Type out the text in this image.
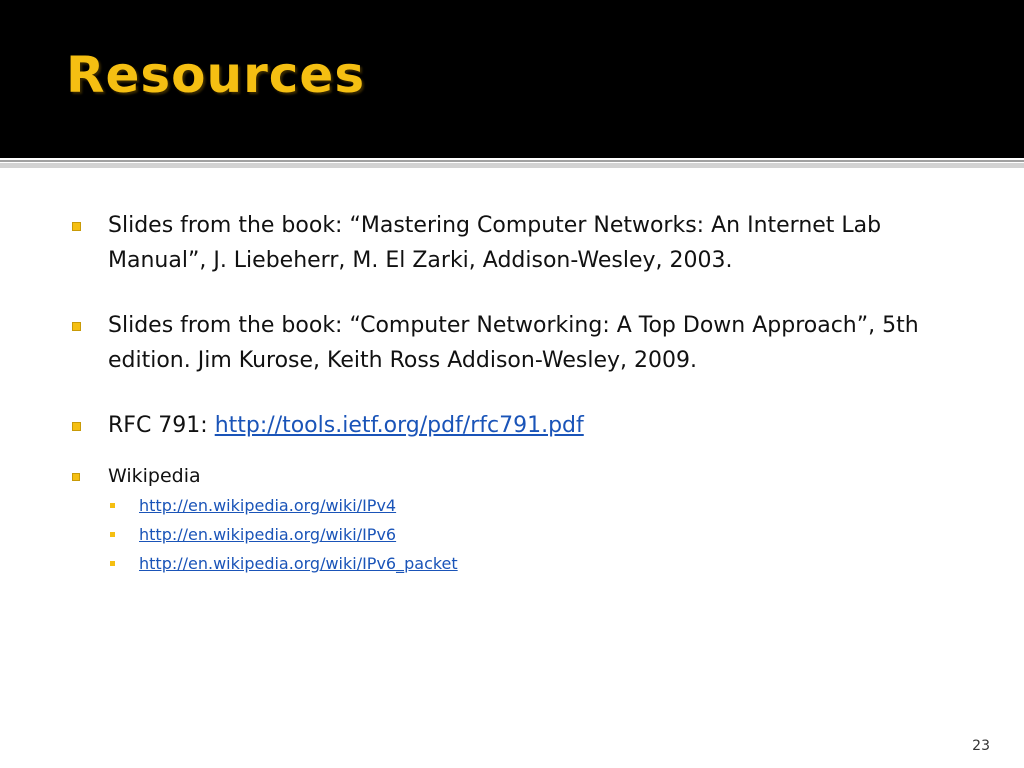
Resources
Slides from the book: “Mastering Computer Networks: An Internet Lab Manual”, J. Liebeherr, M. El Zarki, Addison-Wesley, 2003.
Slides from the book: “Computer Networking: A Top Down Approach”, 5th edition. Jim Kurose, Keith Ross Addison-Wesley, 2009.
RFC 791: http://tools.ietf.org/pdf/rfc791.pdf
Wikipedia
http://en.wikipedia.org/wiki/IPv4
http://en.wikipedia.org/wiki/IPv6
http://en.wikipedia.org/wiki/IPv6_packet
23
